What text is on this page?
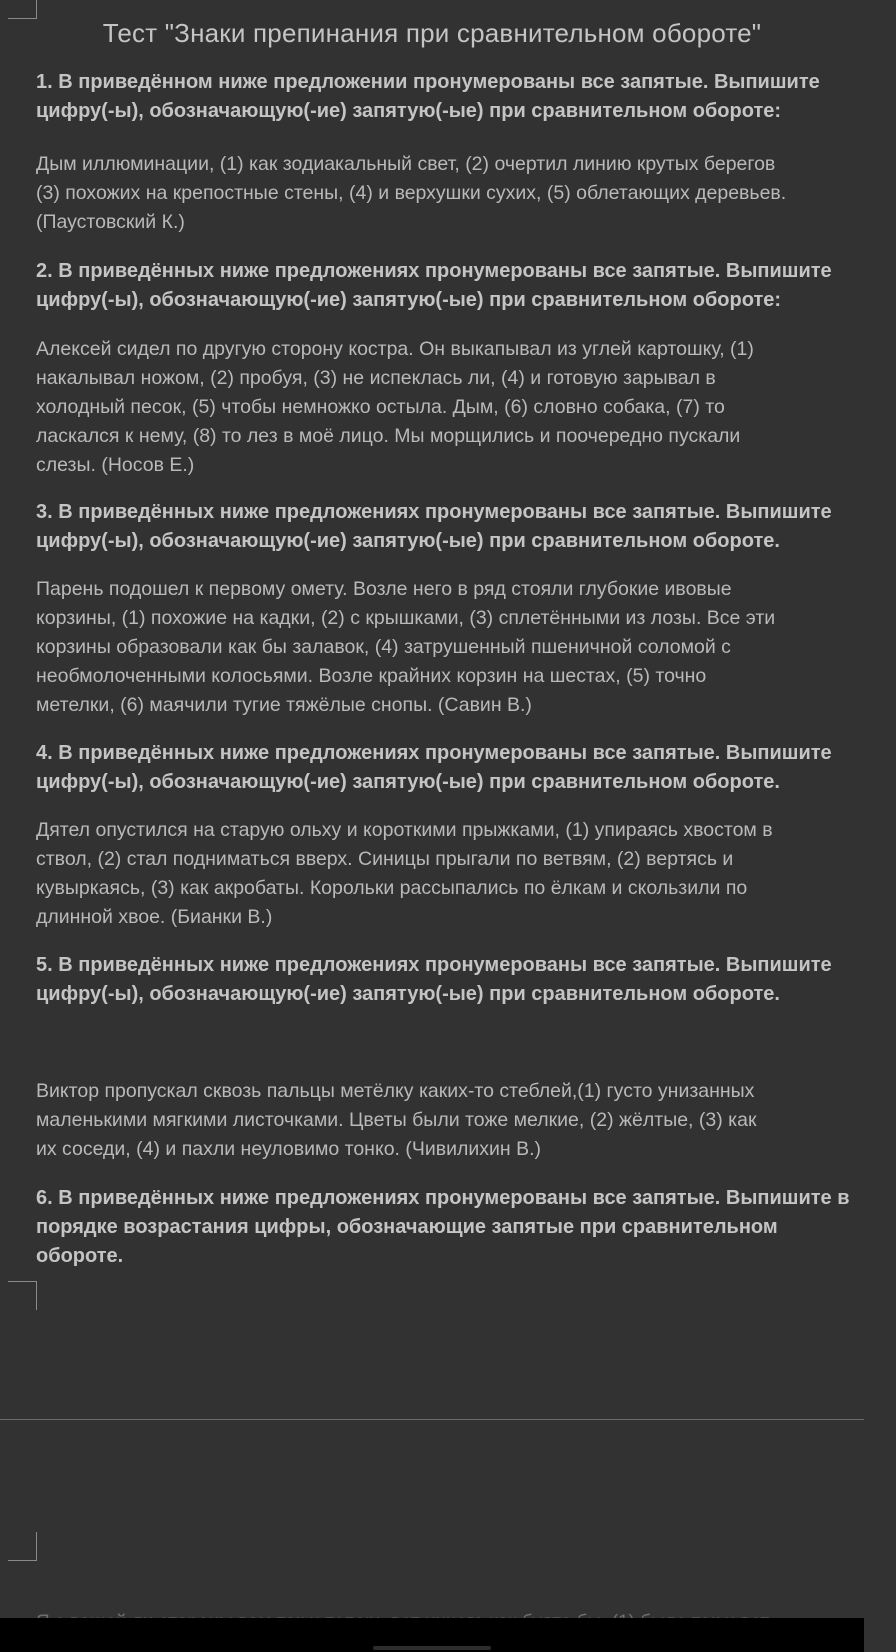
Тест "Знаки препинания при сравнительном обороте"
1. В приведённом ниже предложении пронумерованы все запятые. Выпишите
цифру(-ы), обозначающую(-ие) запятую(-ые) при сравнительном обороте:
Дым иллюминации, (1) как зодиакальный свет, (2) очертил линию крутых берегов
(3) похожих на крепостные стены, (4) и верхушки сухих, (5) облетающих деревьев.
(Паустовский К.)
2. В приведённых ниже предложениях пронумерованы все запятые. Выпишите
цифру(-ы), обозначающую(-ие) запятую(-ые) при сравнительном обороте:
Алексей сидел по другую сторону костра. Он выкапывал из углей картошку, (1)
накалывал ножом, (2) пробуя, (3) не испеклась ли, (4) и готовую зарывал в
холодный песок, (5) чтобы немножко остыла. Дым, (6) словно собака, (7) то
ласкался к нему, (8) то лез в моё лицо. Мы морщились и поочередно пускали
слезы. (Носов Е.)
3. В приведённых ниже предложениях пронумерованы все запятые. Выпишите
цифру(-ы), обозначающую(-ие) запятую(-ые) при сравнительном обороте.
Парень подошел к первому омету. Возле него в ряд стояли глубокие ивовые
корзины, (1) похожие на кадки, (2) с крышками, (3) сплетёнными из лозы. Все эти
корзины образовали как бы залавок, (4) затрушенный пшеничной соломой с
необмолоченными колосьями. Возле крайних корзин на шестах, (5) точно
метелки, (6) маячили тугие тяжёлые снопы. (Савин В.)
4. В приведённых ниже предложениях пронумерованы все запятые. Выпишите
цифру(-ы), обозначающую(-ие) запятую(-ые) при сравнительном обороте.
Дятел опустился на старую ольху и короткими прыжками, (1) упираясь хвостом в
ствол, (2) стал подниматься вверх. Синицы прыгали по ветвям, (2) вертясь и
кувыркаясь, (3) как акробаты. Корольки рассыпались по ёлкам и скользили по
длинной хвое. (Бианки В.)
5. В приведённых ниже предложениях пронумерованы все запятые. Выпишите
цифру(-ы), обозначающую(-ие) запятую(-ые) при сравнительном обороте.
Виктор пропускал сквозь пальцы метёлку каких-то стеблей,(1) густо унизанных
маленькими мягкими листочками. Цветы были тоже мелкие, (2) жёлтые, (3) как
их соседи, (4) и пахли неуловимо тонко. (Чивилихин В.)
6. В приведённых ниже предложениях пронумерованы все запятые. Выпишите в
порядке возрастания цифры, обозначающие запятые при сравнительном
обороте.
